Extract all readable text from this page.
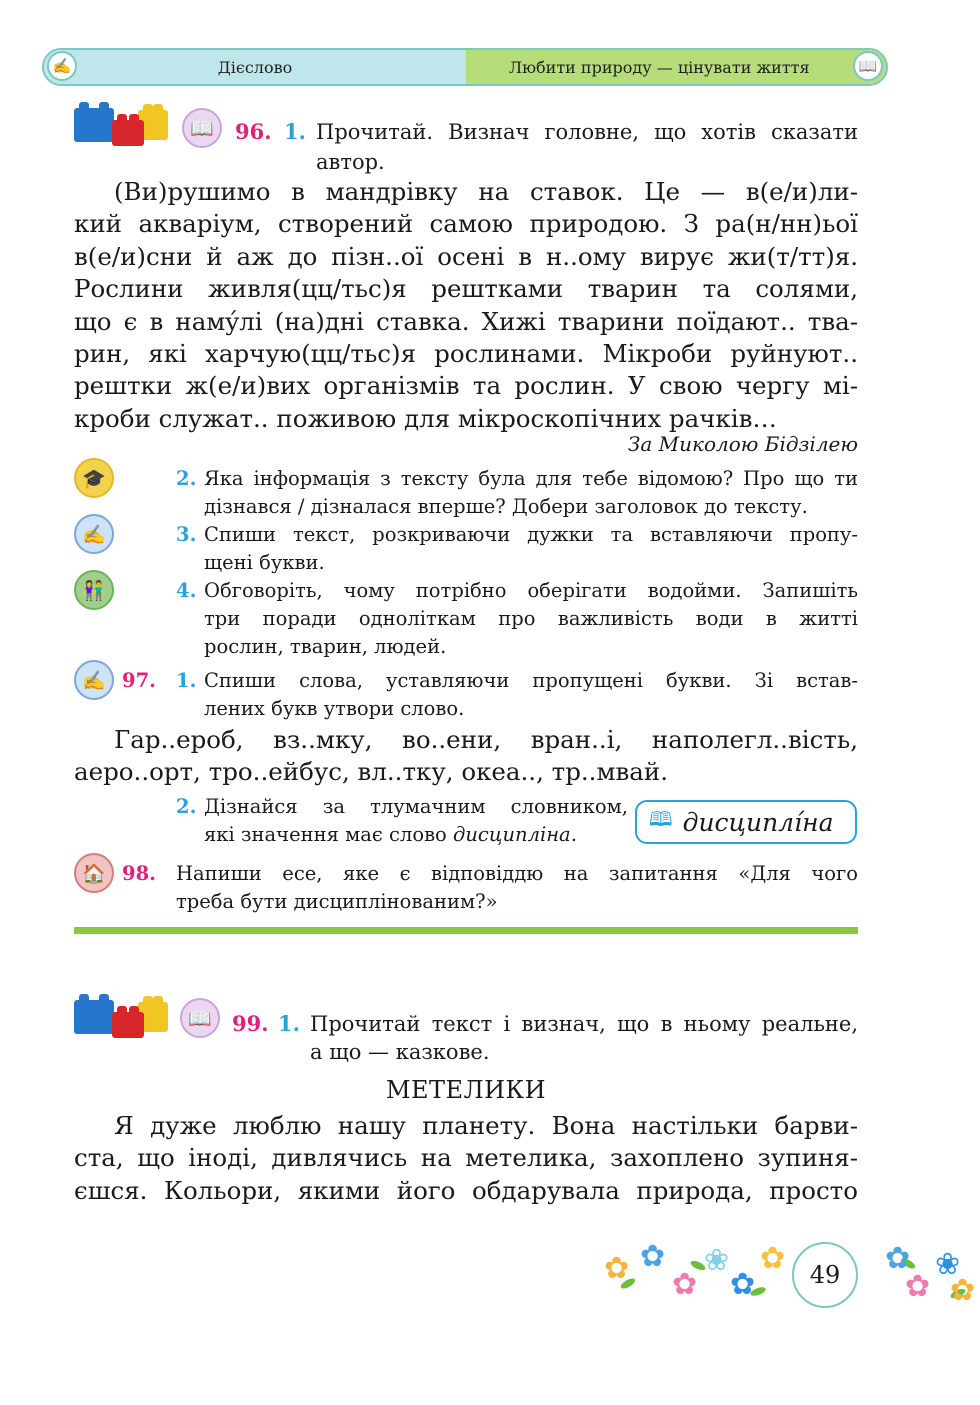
Дієслово	Любити природу — цінувати життя
✍	📖
📖	96. 1. Прочитай. Визнач головне, що хотів сказати
автор.
(Ви)рушимо в мандрівку на ставок. Це — в(е/и)ли-
кий акваріум, створений самою природою. З ра(н/нн)ьої
в(е/и)сни й аж до пізн..ої осені в н..ому вирує жи(т/тт)я.
Рослини живля(цц/тьс)я рештками тварин та солями,
що є в намýлі (на)дні ставка. Хижі тварини поїдают.. тва-
рин, які харчую(цц/тьс)я рослинами. Мікроби руйнуют..
рештки ж(е/и)вих організмів та рослин. У свою чергу мі-
кроби служат.. поживою для мікроскопічних рачків…
За Миколою Бідзілею
🎓	2. Яка інформація з тексту була для тебе відомою? Про що ти
дізнався / дізналася вперше? Добери заголовок до тексту.
✍	3. Спиши текст, розкриваючи дужки та вставляючи пропу-
щені букви.
👫	4. Обговоріть, чому потрібно оберігати водойми. Запишіть
три поради одноліткам про важливість води в житті
рослин, тварин, людей.
✍ 97. 1. Спиши слова, уставляючи пропущені букви. Зі встав-
лених букв утвори слово.
Гар..ероб, вз..мку, во..ени, вран..і, наполегл..вість,
аеро..орт, тро..ейбус, вл..тку, океа.., тр..мвай.
2. Дізнайся за тлумачним словником,
які значення має слово дисципліна.
🕮 дисциплíна
🏠 98. Напиши есе, яке є відповіддю на запитання «Для чого
треба бути дисциплінованим?»
📖 99. 1. Прочитай текст і визнач, що в ньому реальне,
а що — казкове.
МЕТЕЛИКИ
Я дуже люблю нашу планету. Вона настільки барви-
ста, що іноді, дивлячись на метелика, захоплено зупиня-
єшся. Кольори, якими його обдарувала природа, просто
✿ ✿
✿
❀
✿
✿	✿
✿
❀
✿
49
